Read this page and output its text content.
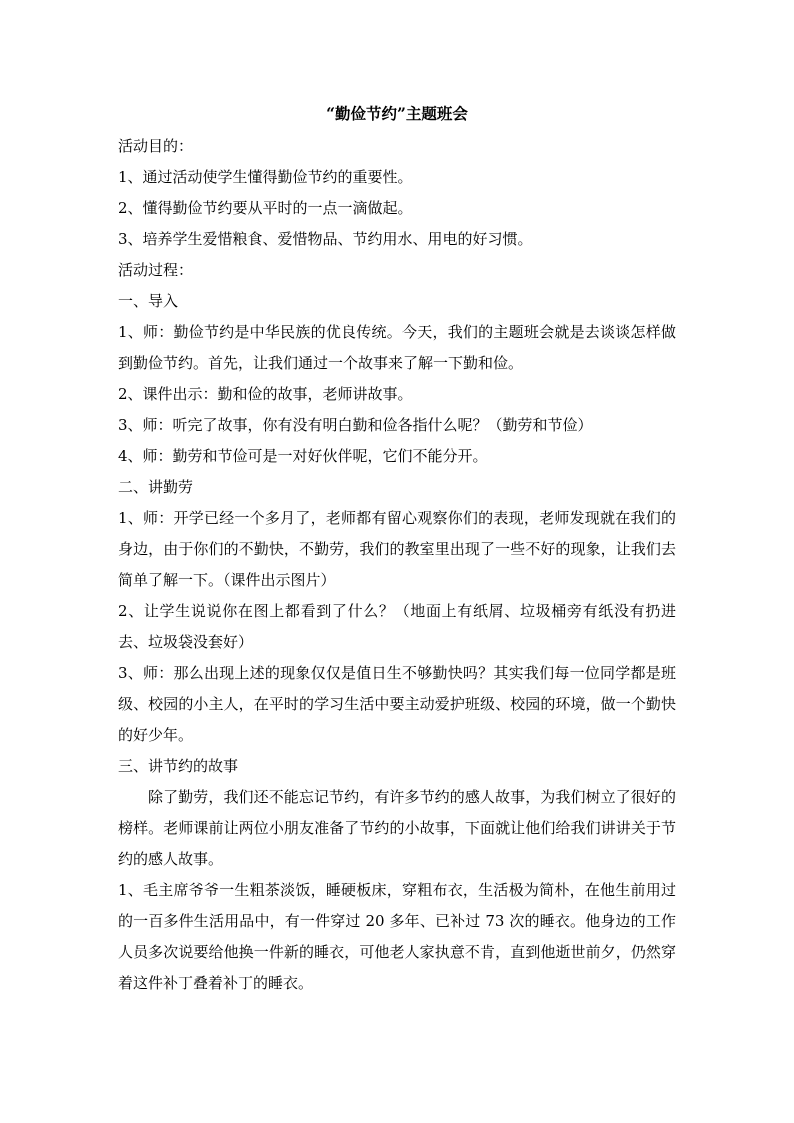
“勤俭节约”主题班会

活动目的：

1、通过活动使学生懂得勤俭节约的重要性。

2、懂得勤俭节约要从平时的一点一滴做起。

3、培养学生爱惜粮食、爱惜物品、节约用水、用电的好习惯。

活动过程：

一、导入

1、师：勤俭节约是中华民族的优良传统。今天，我们的主题班会就是去谈谈怎样做到勤俭节约。首先，让我们通过一个故事来了解一下勤和俭。

2、课件出示：勤和俭的故事，老师讲故事。

3、师：听完了故事，你有没有明白勤和俭各指什么呢？（勤劳和节俭）

4、师：勤劳和节俭可是一对好伙伴呢，它们不能分开。

二、讲勤劳

1、师：开学已经一个多月了，老师都有留心观察你们的表现，老师发现就在我们的身边，由于你们的不勤快，不勤劳，我们的教室里出现了一些不好的现象，让我们去简单了解一下。（课件出示图片）

2、让学生说说你在图上都看到了什么？（地面上有纸屑、垃圾桶旁有纸没有扔进去、垃圾袋没套好）

3、师：那么出现上述的现象仅仅是值日生不够勤快吗？其实我们每一位同学都是班级、校园的小主人，在平时的学习生活中要主动爱护班级、校园的环境，做一个勤快的好少年。

三、讲节约的故事

除了勤劳，我们还不能忘记节约，有许多节约的感人故事，为我们树立了很好的榜样。老师课前让两位小朋友准备了节约的小故事，下面就让他们给我们讲讲关于节约的感人故事。

1、毛主席爷爷一生粗茶淡饭，睡硬板床，穿粗布衣，生活极为简朴，在他生前用过的一百多件生活用品中，有一件穿过 20 多年、已补过 73 次的睡衣。他身边的工作人员多次说要给他换一件新的睡衣，可他老人家执意不肯，直到他逝世前夕，仍然穿着这件补丁叠着补丁的睡衣。
